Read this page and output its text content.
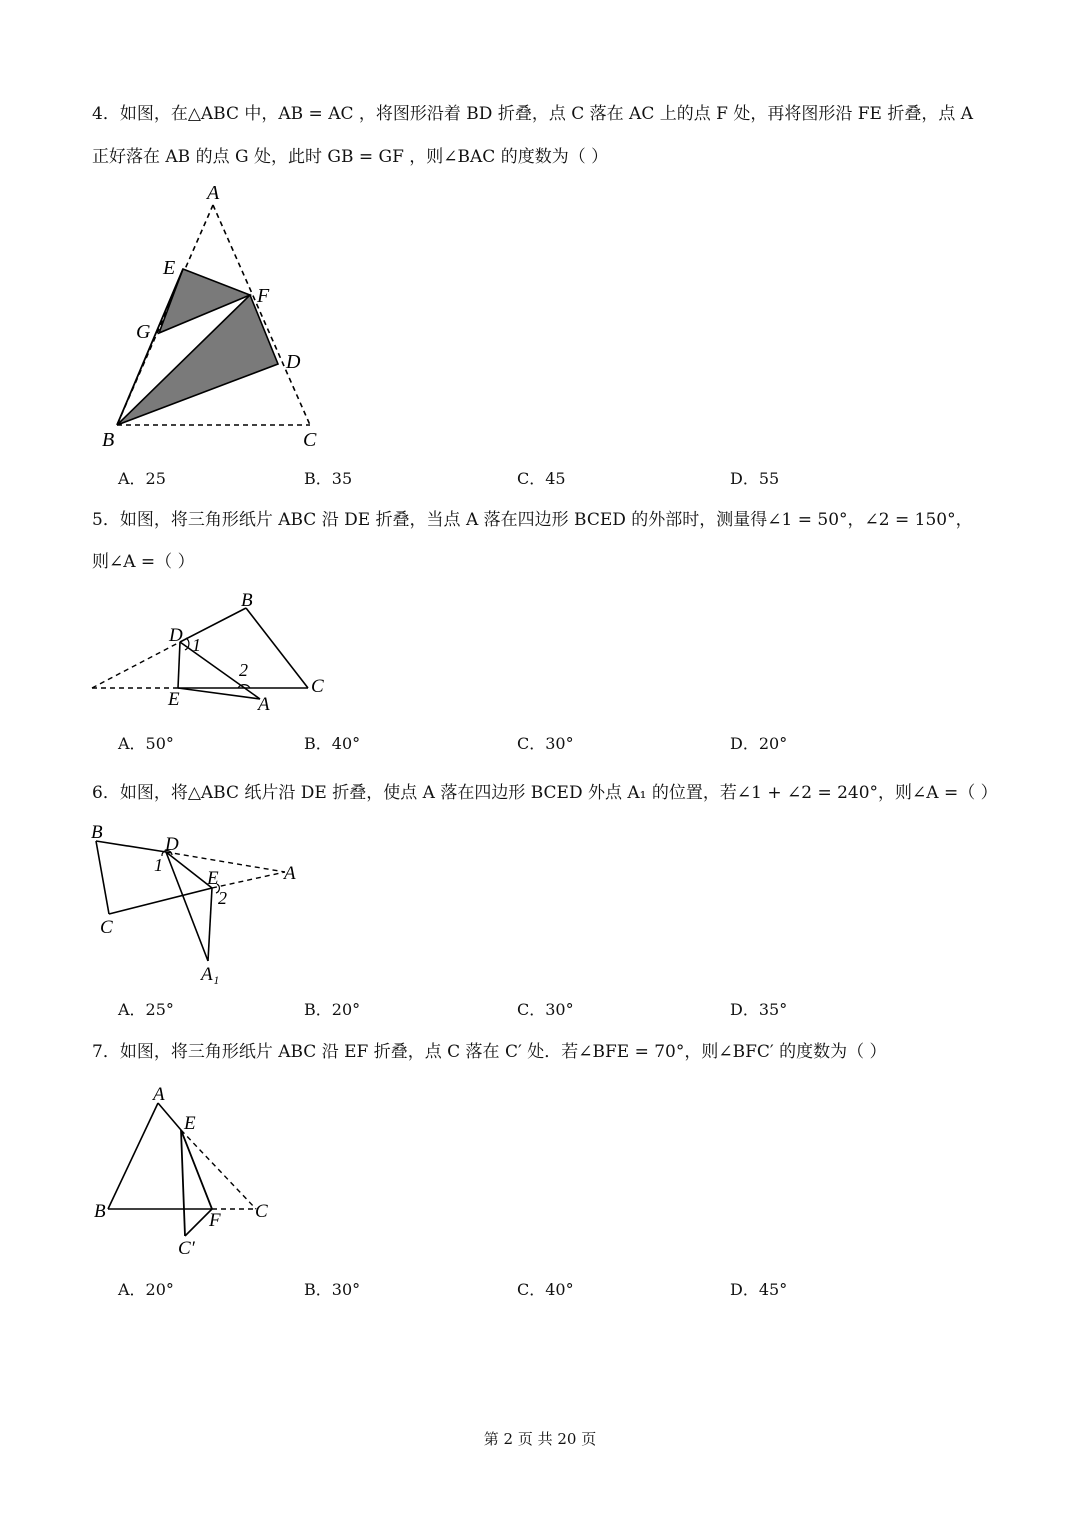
4．如图，在△ABC 中，AB = AC ，将图形沿着 BD 折叠，点 C 落在 AC 上的点 F 处，再将图形沿 FE 折叠，点 A
正好落在 AB 的点 G 处，此时 GB = GF ，则∠BAC 的度数为（ ）
A
E
F
G
D
B	C
A．25	B．35	C．45	D．55
5．如图，将三角形纸片 ABC 沿 DE 折叠，当点 A 落在四边形 BCED 的外部时，测量得∠1 = 50°，∠2 = 150°，
则∠A =（ ）
B
D 1
2
C
E	A
A．50°	B．40°	C．30°	D．20°
6．如图，将△ABC 纸片沿 DE 折叠，使点 A 落在四边形 BCED 外点 A₁ 的位置，若∠1 + ∠2 = 240°，则∠A =（ ）
B
D
1
E	A
2
C
A₁
A．25°	B．20°	C．30°	D．35°
7．如图，将三角形纸片 ABC 沿 EF 折叠，点 C 落在 C′ 处．若∠BFE = 70°，则∠BFC′ 的度数为（ ）
A
E
B	F C
C′
A．20°	B．30°	C．40°	D．45°
第 2 页 共 20 页
